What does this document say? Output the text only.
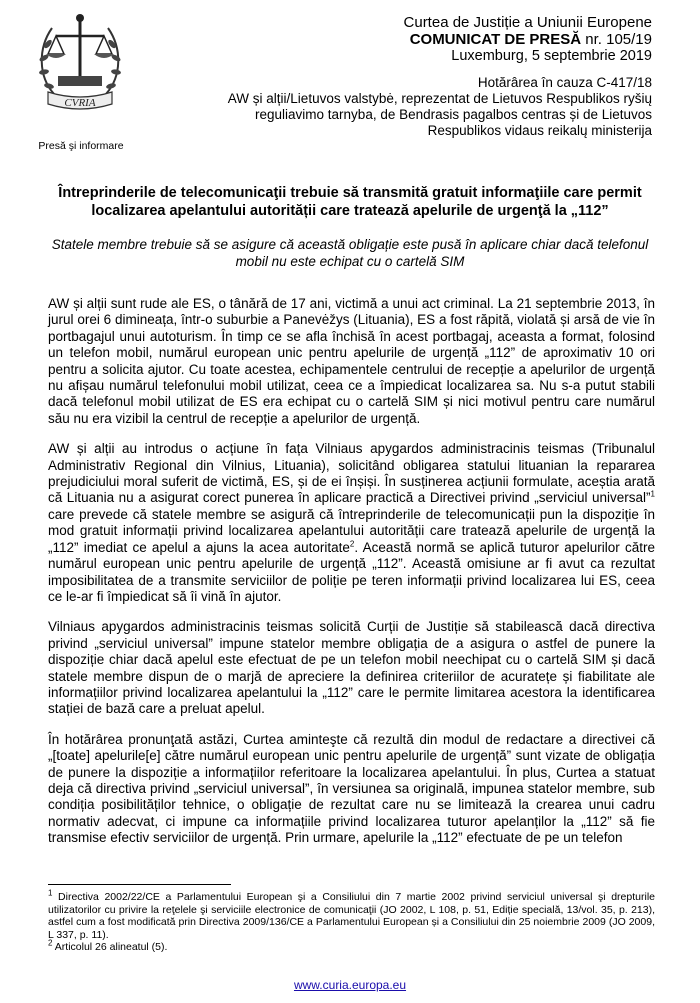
CVRIA
Presă şi informare
Curtea de Justiție a Uniunii Europene
COMUNICAT DE PRESĂ nr. 105/19
Luxemburg, 5 septembrie 2019
Hotărârea în cauza C-417/18
AW și alții/Lietuvos valstybė, reprezentat de Lietuvos Respublikos ryšių
reguliavimo tarnyba, de Bendrasis pagalbos centras și de Lietuvos
Respublikos vidaus reikalų ministerija
Întreprinderile de telecomunicaţii trebuie să transmită gratuit informaţiile care permit localizarea apelantului autorității care tratează apelurile de urgenţă la „112”
Statele membre trebuie să se asigure că această obligație este pusă în aplicare chiar dacă telefonul mobil nu este echipat cu o cartelă SIM

AW și alții sunt rude ale ES, o tânără de 17 ani, victimă a unui act criminal. La 21 septembrie 2013, în jurul orei 6 dimineața, într-o suburbie a Panevėžys (Lituania), ES a fost răpită, violată și arsă de vie în portbagajul unui autoturism. În timp ce se afla închisă în acest portbagaj, aceasta a format, folosind un telefon mobil, numărul european unic pentru apelurile de urgență „112” de aproximativ 10 ori pentru a solicita ajutor. Cu toate acestea, echipamentele centrului de recepție a apelurilor de urgență nu afișau numărul telefonului mobil utilizat, ceea ce a împiedicat localizarea sa. Nu s-a putut stabili dacă telefonul mobil utilizat de ES era echipat cu o cartelă SIM și nici motivul pentru care numărul său nu era vizibil la centrul de recepție a apelurilor de urgență.

AW și alții au introdus o acțiune în fața Vilniaus apygardos administracinis teismas (Tribunalul Administrativ Regional din Vilnius, Lituania), solicitând obligarea statului lituanian la repararea prejudiciului moral suferit de victimă, ES, și de ei înșiși. În susținerea acțiunii formulate, aceștia arată că Lituania nu a asigurat corect punerea în aplicare practică a Directivei privind „serviciul universal”$^1$ care prevede că statele membre se asigură că întreprinderile de telecomunicații pun la dispoziție în mod gratuit informații privind localizarea apelantului autorității care tratează apelurile de urgență la „112” imediat ce apelul a ajuns la acea autoritate$^2$. Această normă se aplică tuturor apelurilor către numărul european unic pentru apelurile de urgență „112”. Această omisiune ar fi avut ca rezultat imposibilitatea de a transmite serviciilor de poliție pe teren informații privind localizarea lui ES, ceea ce le-ar fi împiedicat să îi vină în ajutor.

Vilniaus apygardos administracinis teismas solicită Curții de Justiție să stabilească dacă directiva privind „serviciul universal” impune statelor membre obligația de a asigura o astfel de punere la dispoziție chiar dacă apelul este efectuat de pe un telefon mobil neechipat cu o cartelă SIM și dacă statele membre dispun de o marjă de apreciere la definirea criteriilor de acuratețe și fiabilitate ale informațiilor privind localizarea apelantului la „112” care le permite limitarea acestora la identificarea stației de bază care a preluat apelul.

În hotărârea pronunţată astăzi, Curtea aminteşte că rezultă din modul de redactare a directivei că „[toate] apelurile[e] către numărul european unic pentru apelurile de urgență” sunt vizate de obligația de punere la dispoziție a informațiilor referitoare la localizarea apelantului. În plus, Curtea a statuat deja că directiva privind „serviciul universal”, în versiunea sa originală, impunea statelor membre, sub condiția posibilităților tehnice, o obligație de rezultat care nu se limitează la crearea unui cadru normativ adecvat, ci impune ca informațiile privind localizarea tuturor apelanților la „112” să fie transmise efectiv serviciilor de urgență. Prin urmare, apelurile la „112” efectuate de pe un telefon

$^1$ Directiva 2002/22/CE a Parlamentului European şi a Consiliului din 7 martie 2002 privind serviciul universal şi drepturile utilizatorilor cu privire la reţelele şi serviciile electronice de comunicaţii (JO 2002, L 108, p. 51, Ediție specială, 13/vol. 35, p. 213), astfel cum a fost modificată prin Directiva 2009/136/CE a Parlamentului European și a Consiliului din 25 noiembrie 2009 (JO 2009, L 337, p. 11).

$^2$ Articolul 26 alineatul (5).

www.curia.europa.eu
